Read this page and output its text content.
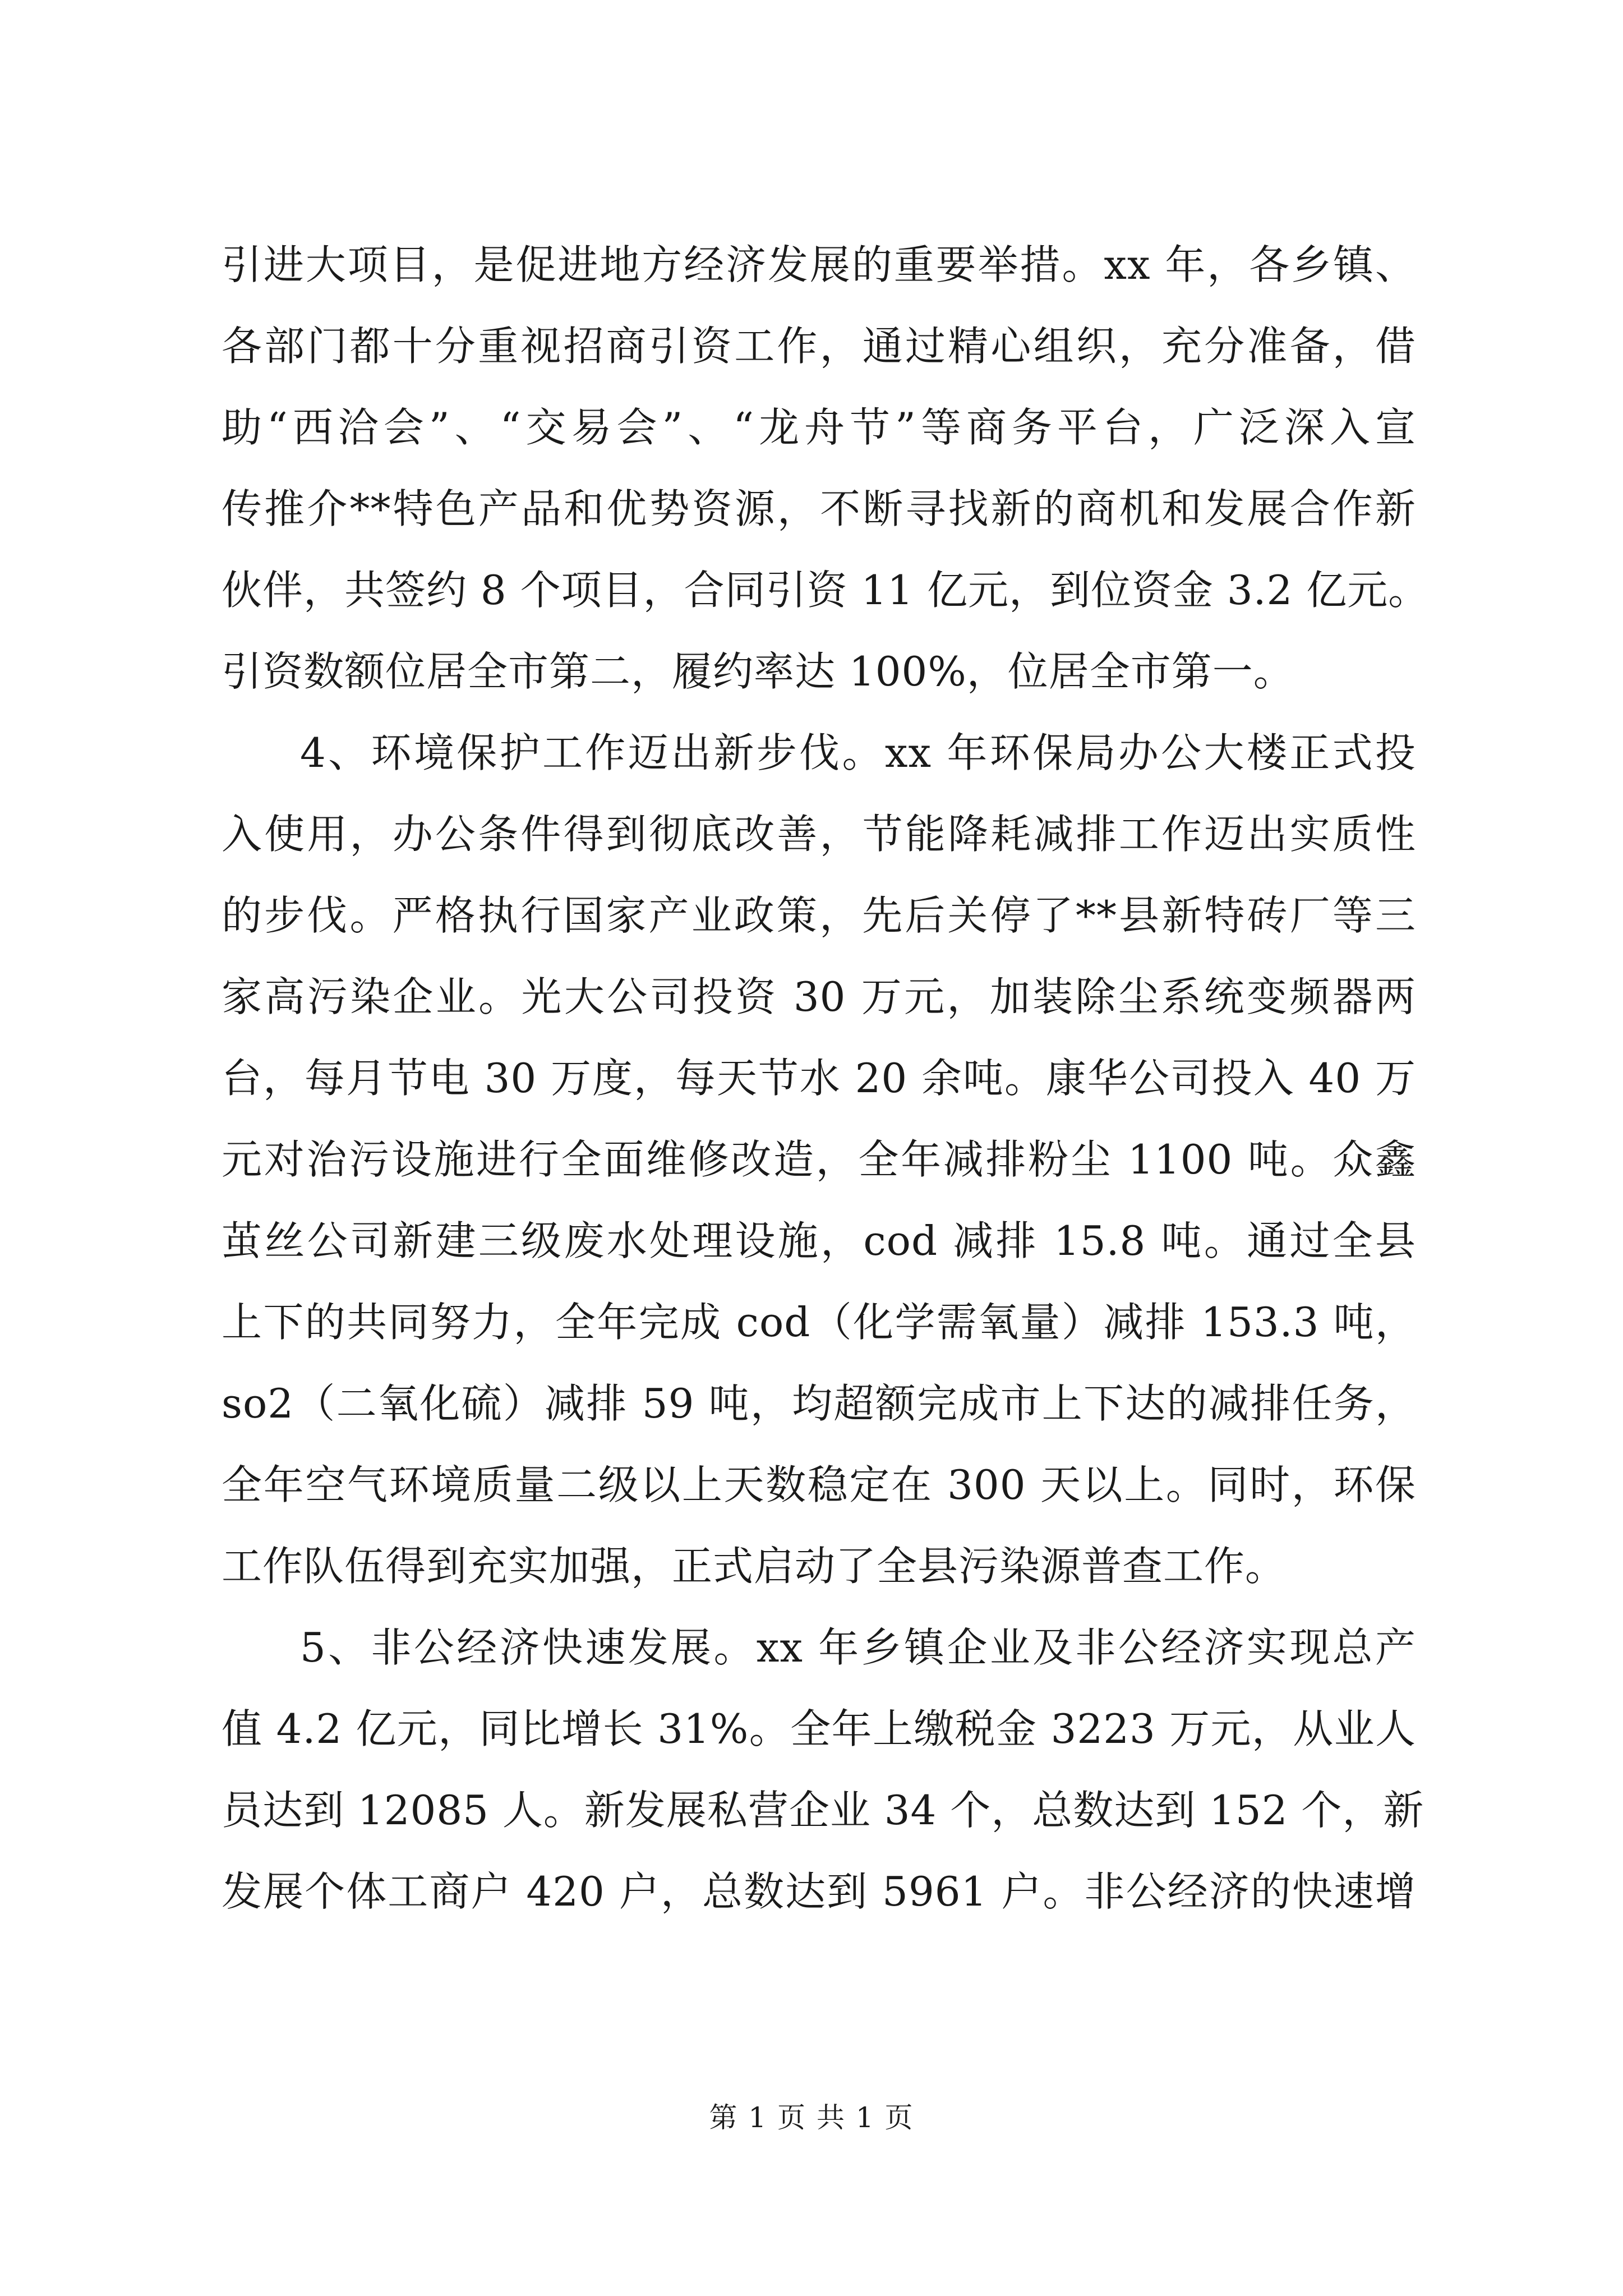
引进大项目，是促进地方经济发展的重要举措。xx 年，各乡镇、
各部门都十分重视招商引资工作，通过精心组织，充分准备，借
助“西洽会”、“交易会”、“龙舟节”等商务平台，广泛深入宣
传推介**特色产品和优势资源，不断寻找新的商机和发展合作新
伙伴，共签约 8 个项目，合同引资 11 亿元，到位资金 3.2 亿元。
引资数额位居全市第二，履约率达 100%，位居全市第一。
4、环境保护工作迈出新步伐。xx 年环保局办公大楼正式投
入使用，办公条件得到彻底改善，节能降耗减排工作迈出实质性
的步伐。严格执行国家产业政策，先后关停了**县新特砖厂等三
家高污染企业。光大公司投资 30 万元，加装除尘系统变频器两
台，每月节电 30 万度，每天节水 20 余吨。康华公司投入 40 万
元对治污设施进行全面维修改造，全年减排粉尘 1100 吨。众鑫
茧丝公司新建三级废水处理设施，cod 减排 15.8 吨。通过全县
上下的共同努力，全年完成 cod（化学需氧量）减排 153.3 吨，
so2（二氧化硫）减排 59 吨，均超额完成市上下达的减排任务，
全年空气环境质量二级以上天数稳定在 300 天以上。同时，环保
工作队伍得到充实加强，正式启动了全县污染源普查工作。
5、非公经济快速发展。xx 年乡镇企业及非公经济实现总产
值 4.2 亿元，同比增长 31%。全年上缴税金 3223 万元，从业人
员达到 12085 人。新发展私营企业 34 个，总数达到 152 个，新
发展个体工商户 420 户，总数达到 5961 户。非公经济的快速增
第 1 页 共 1 页
